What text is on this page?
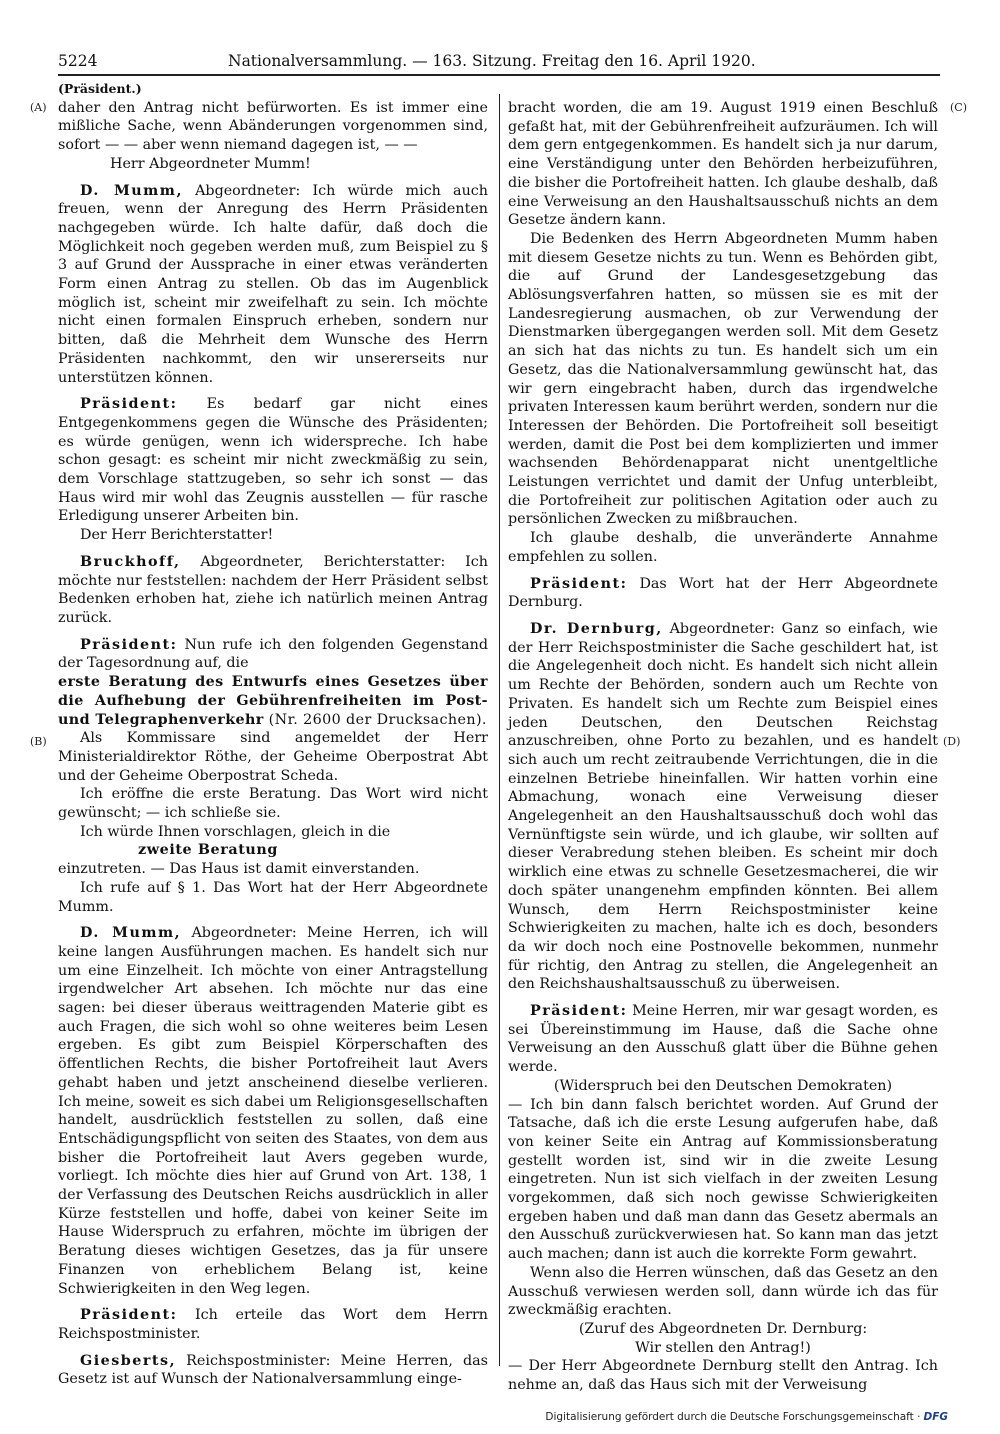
5224	Nationalversammlung. — 163. Sitzung. Freitag den 16. April 1920.
(A)
(B)
(C)
(D)

(Präsident.)

daher den Antrag nicht befürworten. Es ist immer eine mißliche Sache, wenn Abänderungen vorgenommen sind, sofort — — aber wenn niemand dagegen ist, — —

Herr Abgeordneter Mumm!

D. Mumm, Abgeordneter: Ich würde mich auch freuen, wenn der Anregung des Herrn Präsidenten nachgegeben würde. Ich halte dafür, daß doch die Möglichkeit noch gegeben werden muß, zum Beispiel zu § 3 auf Grund der Aussprache in einer etwas veränderten Form einen Antrag zu stellen. Ob das im Augenblick möglich ist, scheint mir zweifelhaft zu sein. Ich möchte nicht einen formalen Einspruch erheben, sondern nur bitten, daß die Mehrheit dem Wunsche des Herrn Präsidenten nachkommt, den wir unsererseits nur unterstützen können.

Präsident: Es bedarf gar nicht eines Entgegenkommens gegen die Wünsche des Präsidenten; es würde genügen, wenn ich widerspreche. Ich habe schon gesagt: es scheint mir nicht zweckmäßig zu sein, dem Vorschlage stattzugeben, so sehr ich sonst — das Haus wird mir wohl das Zeugnis ausstellen — für rasche Erledigung unserer Arbeiten bin.

Der Herr Berichterstatter!

Bruckhoff, Abgeordneter, Berichterstatter: Ich möchte nur feststellen: nachdem der Herr Präsident selbst Bedenken erhoben hat, ziehe ich natürlich meinen Antrag zurück.

Präsident: Nun rufe ich den folgenden Gegenstand der Tagesordnung auf, die

erste Beratung des Entwurfs eines Gesetzes über die Aufhebung der Gebührenfreiheiten im Post- und Telegraphenverkehr (Nr. 2600 der Drucksachen).

Als Kommissare sind angemeldet der Herr Ministerialdirektor Röthe, der Geheime Oberpostrat Abt und der Geheime Oberpostrat Scheda.

Ich eröffne die erste Beratung. Das Wort wird nicht gewünscht; — ich schließe sie.

Ich würde Ihnen vorschlagen, gleich in die

zweite Beratung

einzutreten. — Das Haus ist damit einverstanden.

Ich rufe auf § 1. Das Wort hat der Herr Abgeordnete Mumm.

D. Mumm, Abgeordneter: Meine Herren, ich will keine langen Ausführungen machen. Es handelt sich nur um eine Einzelheit. Ich möchte von einer Antragstellung irgendwelcher Art absehen. Ich möchte nur das eine sagen: bei dieser überaus weittragenden Materie gibt es auch Fragen, die sich wohl so ohne weiteres beim Lesen ergeben. Es gibt zum Beispiel Körperschaften des öffentlichen Rechts, die bisher Portofreiheit laut Avers gehabt haben und jetzt anscheinend dieselbe verlieren. Ich meine, soweit es sich dabei um Religionsgesellschaften handelt, ausdrücklich feststellen zu sollen, daß eine Entschädigungspflicht von seiten des Staates, von dem aus bisher die Portofreiheit laut Avers gegeben wurde, vorliegt. Ich möchte dies hier auf Grund von Art. 138, 1 der Verfassung des Deutschen Reichs ausdrücklich in aller Kürze feststellen und hoffe, dabei von keiner Seite im Hause Widerspruch zu erfahren, möchte im übrigen der Beratung dieses wichtigen Gesetzes, das ja für unsere Finanzen von erheblichem Belang ist, keine Schwierigkeiten in den Weg legen.

Präsident: Ich erteile das Wort dem Herrn Reichspostminister.

Giesberts, Reichspostminister: Meine Herren, das Gesetz ist auf Wunsch der Nationalversammlung einge-

bracht worden, die am 19. August 1919 einen Beschluß gefaßt hat, mit der Gebührenfreiheit aufzuräumen. Ich will dem gern entgegenkommen. Es handelt sich ja nur darum, eine Verständigung unter den Behörden herbeizuführen, die bisher die Portofreiheit hatten. Ich glaube deshalb, daß eine Verweisung an den Haushaltsausschuß nichts an dem Gesetze ändern kann.

Die Bedenken des Herrn Abgeordneten Mumm haben mit diesem Gesetze nichts zu tun. Wenn es Behörden gibt, die auf Grund der Landesgesetzgebung das Ablösungsverfahren hatten, so müssen sie es mit der Landesregierung ausmachen, ob zur Verwendung der Dienstmarken übergegangen werden soll. Mit dem Gesetz an sich hat das nichts zu tun. Es handelt sich um ein Gesetz, das die Nationalversammlung gewünscht hat, das wir gern eingebracht haben, durch das irgendwelche privaten Interessen kaum berührt werden, sondern nur die Interessen der Behörden. Die Portofreiheit soll beseitigt werden, damit die Post bei dem komplizierten und immer wachsenden Behördenapparat nicht unentgeltliche Leistungen verrichtet und damit der Unfug unterbleibt, die Portofreiheit zur politischen Agitation oder auch zu persönlichen Zwecken zu mißbrauchen.

Ich glaube deshalb, die unveränderte Annahme empfehlen zu sollen.

Präsident: Das Wort hat der Herr Abgeordnete Dernburg.

Dr. Dernburg, Abgeordneter: Ganz so einfach, wie der Herr Reichspostminister die Sache geschildert hat, ist die Angelegenheit doch nicht. Es handelt sich nicht allein um Rechte der Behörden, sondern auch um Rechte von Privaten. Es handelt sich um Rechte zum Beispiel eines jeden Deutschen, den Deutschen Reichstag anzuschreiben, ohne Porto zu bezahlen, und es handelt sich auch um recht zeitraubende Verrichtungen, die in die einzelnen Betriebe hineinfallen. Wir hatten vorhin eine Abmachung, wonach eine Verweisung dieser Angelegenheit an den Haushaltsausschuß doch wohl das Vernünftigste sein würde, und ich glaube, wir sollten auf dieser Verabredung stehen bleiben. Es scheint mir doch wirklich eine etwas zu schnelle Gesetzesmacherei, die wir doch später unangenehm empfinden könnten. Bei allem Wunsch, dem Herrn Reichspostminister keine Schwierigkeiten zu machen, halte ich es doch, besonders da wir doch noch eine Postnovelle bekommen, nunmehr für richtig, den Antrag zu stellen, die Angelegenheit an den Reichshaushaltsausschuß zu überweisen.

Präsident: Meine Herren, mir war gesagt worden, es sei Übereinstimmung im Hause, daß die Sache ohne Verweisung an den Ausschuß glatt über die Bühne gehen werde.

(Widerspruch bei den Deutschen Demokraten)

— Ich bin dann falsch berichtet worden. Auf Grund der Tatsache, daß ich die erste Lesung aufgerufen habe, daß von keiner Seite ein Antrag auf Kommissionsberatung gestellt worden ist, sind wir in die zweite Lesung eingetreten. Nun ist sich vielfach in der zweiten Lesung vorgekommen, daß sich noch gewisse Schwierigkeiten ergeben haben und daß man dann das Gesetz abermals an den Ausschuß zurückverwiesen hat. So kann man das jetzt auch machen; dann ist auch die korrekte Form gewahrt.

Wenn also die Herren wünschen, daß das Gesetz an den Ausschuß verwiesen werden soll, dann würde ich das für zweckmäßig erachten.

(Zuruf des Abgeordneten Dr. Dernburg:

Wir stellen den Antrag!)

— Der Herr Abgeordnete Dernburg stellt den Antrag. Ich nehme an, daß das Haus sich mit der Verweisung

Digitalisierung gefördert durch die Deutsche Forschungsgemeinschaft · DFG
